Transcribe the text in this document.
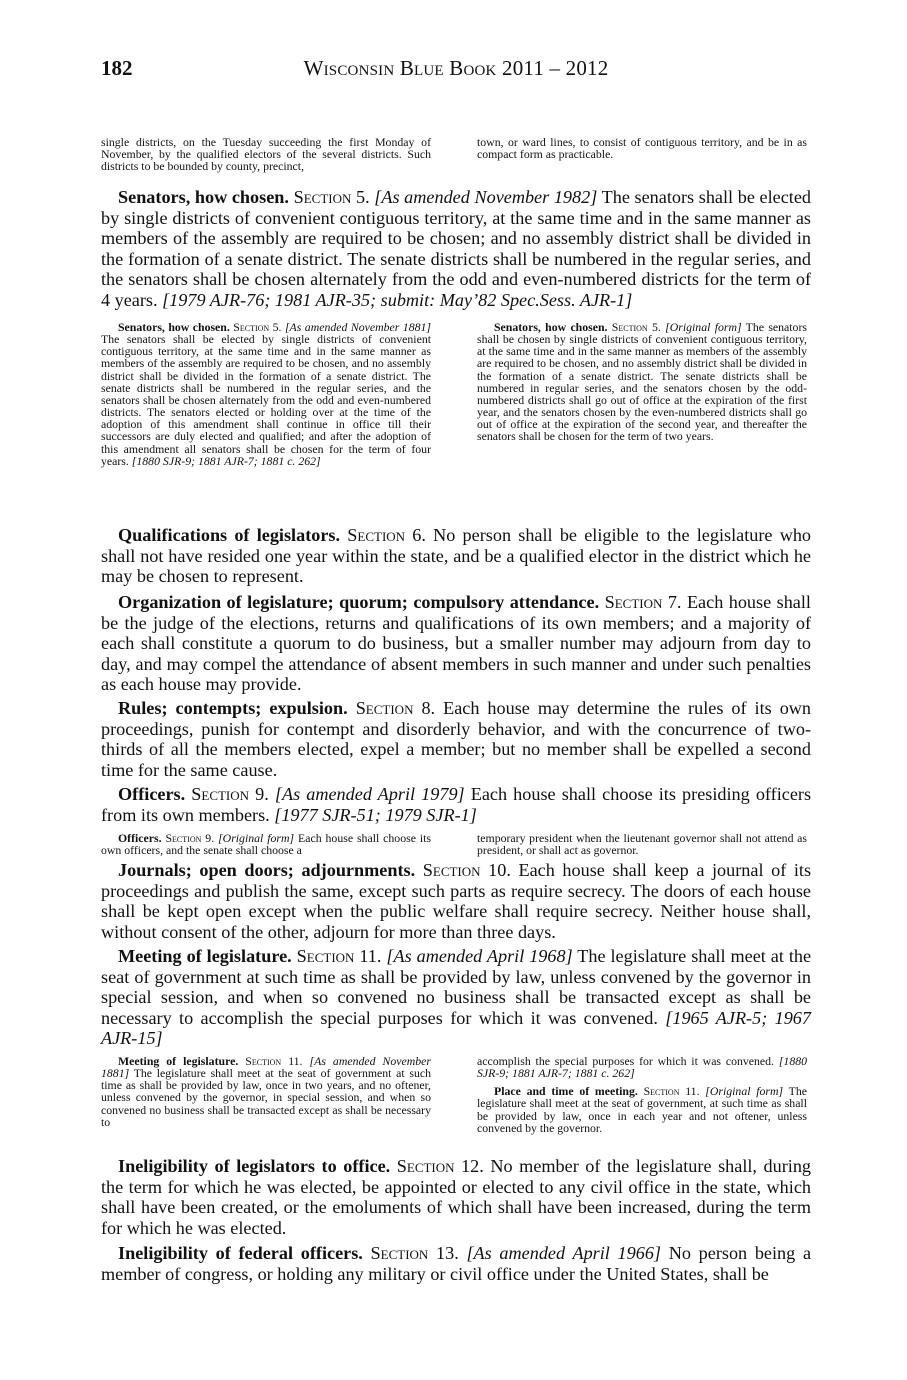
182	Wisconsin Blue Book 2011 – 2012

single districts, on the Tuesday succeeding the first Monday of November, by the qualified electors of the several districts. Such districts to be bounded by county, precinct,

town, or ward lines, to consist of contiguous territory, and be in as compact form as practicable.

Senators, how chosen. Section 5. [As amended November 1982] The senators shall be elected by single districts of convenient contiguous territory, at the same time and in the same manner as members of the assembly are required to be chosen; and no assembly district shall be divided in the formation of a senate district. The senate districts shall be numbered in the regular series, and the senators shall be chosen alternately from the odd and even-numbered districts for the term of 4 years. [1979 AJR-76; 1981 AJR-35; submit: May’82 Spec.Sess. AJR-1]

Senators, how chosen. Section 5. [As amended November 1881] The senators shall be elected by single districts of convenient contiguous territory, at the same time and in the same manner as members of the assembly are required to be chosen, and no assembly district shall be divided in the formation of a senate district. The senate districts shall be numbered in the regular series, and the senators shall be chosen alternately from the odd and even-numbered districts. The senators elected or holding over at the time of the adoption of this amendment shall continue in office till their successors are duly elected and qualified; and after the adoption of this amendment all senators shall be chosen for the term of four years. [1880 SJR-9; 1881 AJR-7; 1881 c. 262]

Senators, how chosen. Section 5. [Original form] The senators shall be chosen by single districts of convenient contiguous territory, at the same time and in the same manner as members of the assembly are required to be chosen, and no assembly district shall be divided in the formation of a senate district. The senate districts shall be numbered in regular series, and the senators chosen by the odd-numbered districts shall go out of office at the expiration of the first year, and the senators chosen by the even-numbered districts shall go out of office at the expiration of the second year, and thereafter the senators shall be chosen for the term of two years.

Qualifications of legislators. Section 6. No person shall be eligible to the legislature who shall not have resided one year within the state, and be a qualified elector in the district which he may be chosen to represent.

Organization of legislature; quorum; compulsory attendance. Section 7. Each house shall be the judge of the elections, returns and qualifications of its own members; and a majority of each shall constitute a quorum to do business, but a smaller number may adjourn from day to day, and may compel the attendance of absent members in such manner and under such penalties as each house may provide.

Rules; contempts; expulsion. Section 8. Each house may determine the rules of its own proceedings, punish for contempt and disorderly behavior, and with the concurrence of two-thirds of all the members elected, expel a member; but no member shall be expelled a second time for the same cause.

Officers. Section 9. [As amended April 1979] Each house shall choose its presiding officers from its own members. [1977 SJR-51; 1979 SJR-1]

Officers. Section 9. [Original form] Each house shall choose its own officers, and the senate shall choose a

temporary president when the lieutenant governor shall not attend as president, or shall act as governor.

Journals; open doors; adjournments. Section 10. Each house shall keep a journal of its proceedings and publish the same, except such parts as require secrecy. The doors of each house shall be kept open except when the public welfare shall require secrecy. Neither house shall, without consent of the other, adjourn for more than three days.

Meeting of legislature. Section 11. [As amended April 1968] The legislature shall meet at the seat of government at such time as shall be provided by law, unless convened by the governor in special session, and when so convened no business shall be transacted except as shall be necessary to accomplish the special purposes for which it was convened. [1965 AJR-5; 1967 AJR-15]

Meeting of legislature. Section 11. [As amended November 1881] The legislature shall meet at the seat of government at such time as shall be provided by law, once in two years, and no oftener, unless convened by the governor, in special session, and when so convened no business shall be transacted except as shall be necessary to

accomplish the special purposes for which it was convened. [1880 SJR-9; 1881 AJR-7; 1881 c. 262]

Place and time of meeting. Section 11. [Original form] The legislature shall meet at the seat of government, at such time as shall be provided by law, once in each year and not oftener, unless convened by the governor.

Ineligibility of legislators to office. Section 12. No member of the legislature shall, during the term for which he was elected, be appointed or elected to any civil office in the state, which shall have been created, or the emoluments of which shall have been increased, during the term for which he was elected.

Ineligibility of federal officers. Section 13. [As amended April 1966] No person being a member of congress, or holding any military or civil office under the United States, shall be
